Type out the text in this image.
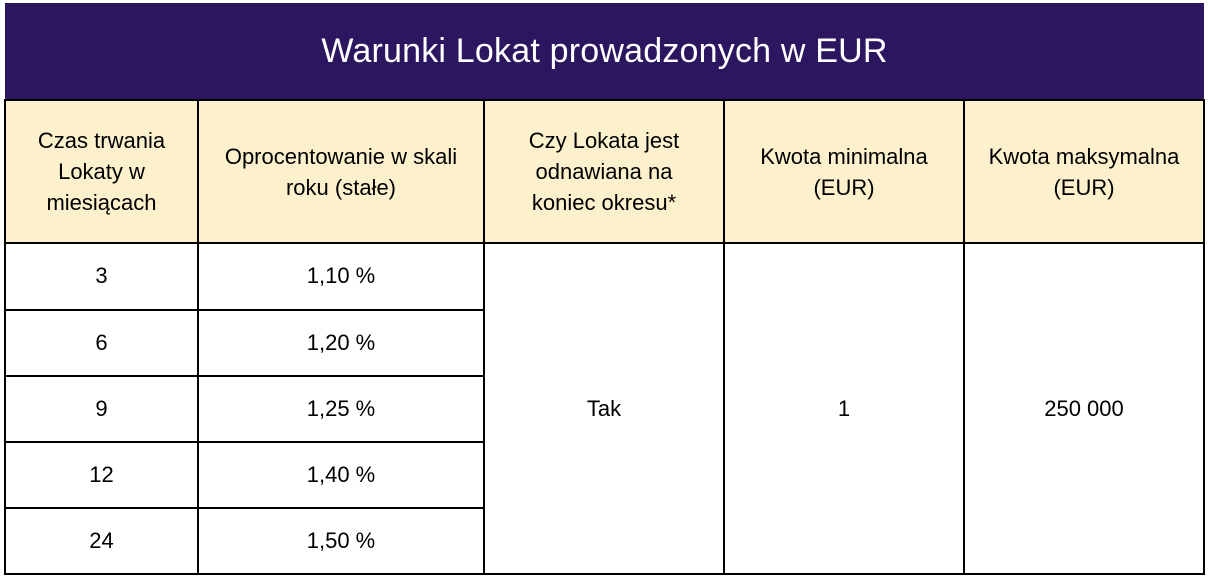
Warunki Lokat prowadzonych w EUR				
Czas trwania Lokaty w miesiącach	Oprocentowanie w skali roku (stałe)	Czy Lokata jest odnawiana na koniec okresu*	Kwota minimalna (EUR)	Kwota maksymalna (EUR)
3	1,10 %	Tak	1	250 000
6	1,20 %			
9	1,25 %			
12	1,40 %			
24	1,50 %			
